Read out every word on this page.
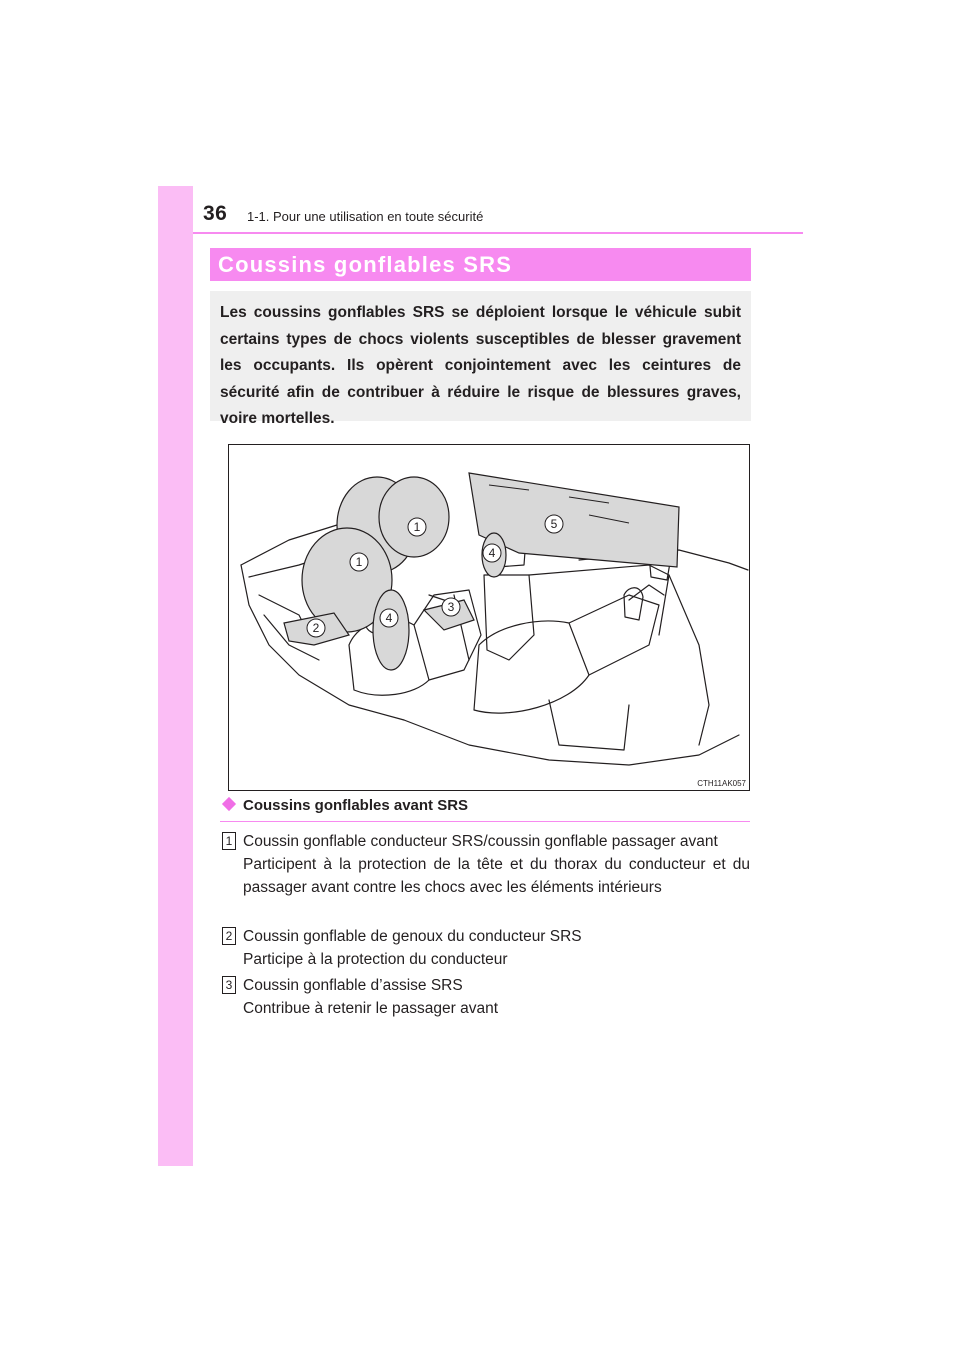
36 1-1. Pour une utilisation en toute sécurité
Coussins gonflables SRS

Les coussins gonflables SRS se déploient lorsque le véhicule subit certains types de chocs violents susceptibles de blesser gravement les occupants. Ils opèrent conjointement avec les ceintures de sécurité afin de contribuer à réduire le risque de blessures graves, voire mortelles.

1
1
2
3
4
4
5
CTH11AK057
Coussins gonflables avant SRS
1 Coussin gonflable conducteur SRS/coussin gonflable passager avant

Participent à la protection de la tête et du thorax du conducteur et du passager avant contre les chocs avec les éléments intérieurs

2 Coussin gonflable de genoux du conducteur SRS

Participe à la protection du conducteur

3 Coussin gonflable d’assise SRS

Contribue à retenir le passager avant
